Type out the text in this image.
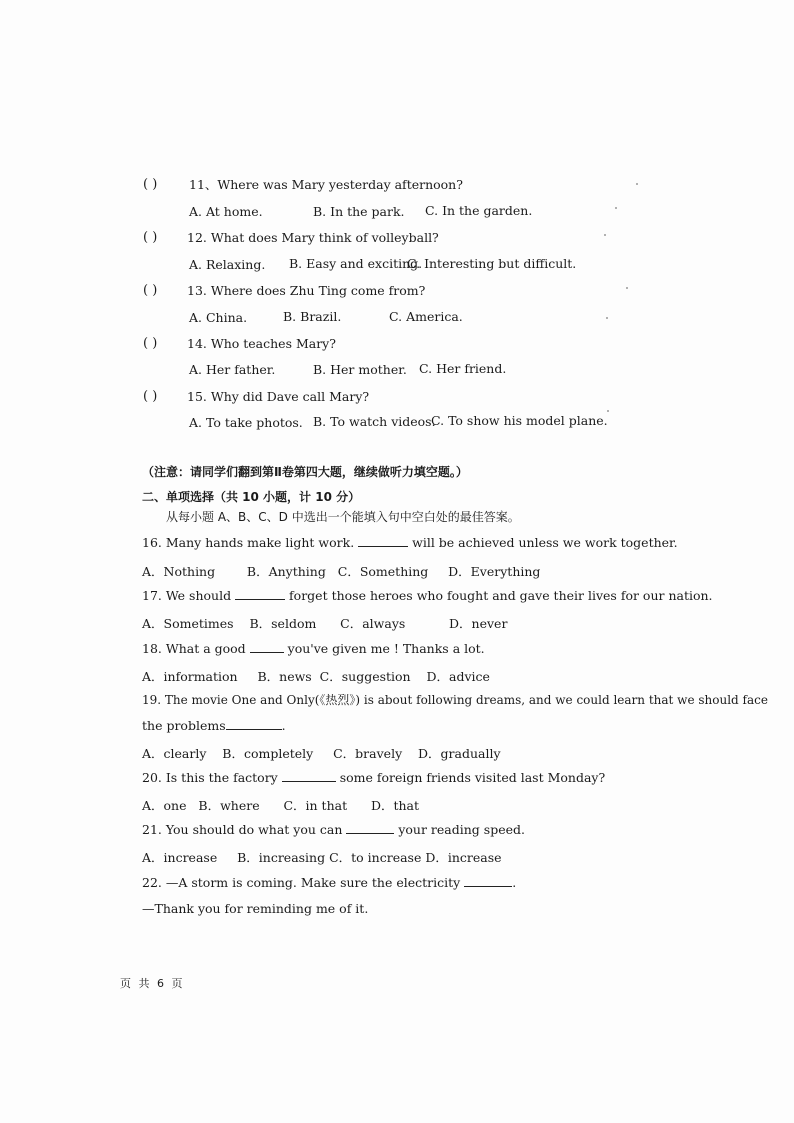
( )	11、Where was Mary yesterday afternoon?
A. At home.	B. In the park. C. In the garden.
( ) 12. What does Mary think of volleyball?
A. Relaxing. B. Easy and exciting.
C. Interesting but difficult.
( ) 13. Where does Zhu Ting come from?
A. China.	B. Brazil.	C. America.
( ) 14. Who teaches Mary?
A. Her father.	B. Her mother. C. Her friend.
( ) 15. Why did Dave call Mary?
A. To take photos. B. To watch videos.
C. To show his model plane.
（注意：请同学们翻到第Ⅱ卷第四大题，继续做听力填空题。）
二、单项选择（共 10 小题，计 10 分）
从每小题 A、B、C、D 中选出一个能填入句中空白处的最佳答案。
16. Many hands make light work.	will be achieved unless we work together.
A．Nothing        B．Anything   C．Something     D．Everything
17. We should	forget those heroes who fought and gave their lives for our nation.
A．Sometimes    B．seldom      C．always           D．never
18. What a good	you've given me ! Thanks a lot.
A．information     B．news  C．suggestion    D．advice
19. The movie One and Only(《热烈》) is about following dreams, and we could learn that we should face
the problems	.
A．clearly    B．completely     C．bravely    D．gradually
20. Is this the factory	some foreign friends visited last Monday?
A．one   B．where      C．in that      D．that
21. You should do what you can	your reading speed.
A．increase     B．increasing C．to increase D．increase
22. —A storm is coming. Make sure the electricity	.
—Thank you for reminding me of it.
页 共 6 页
